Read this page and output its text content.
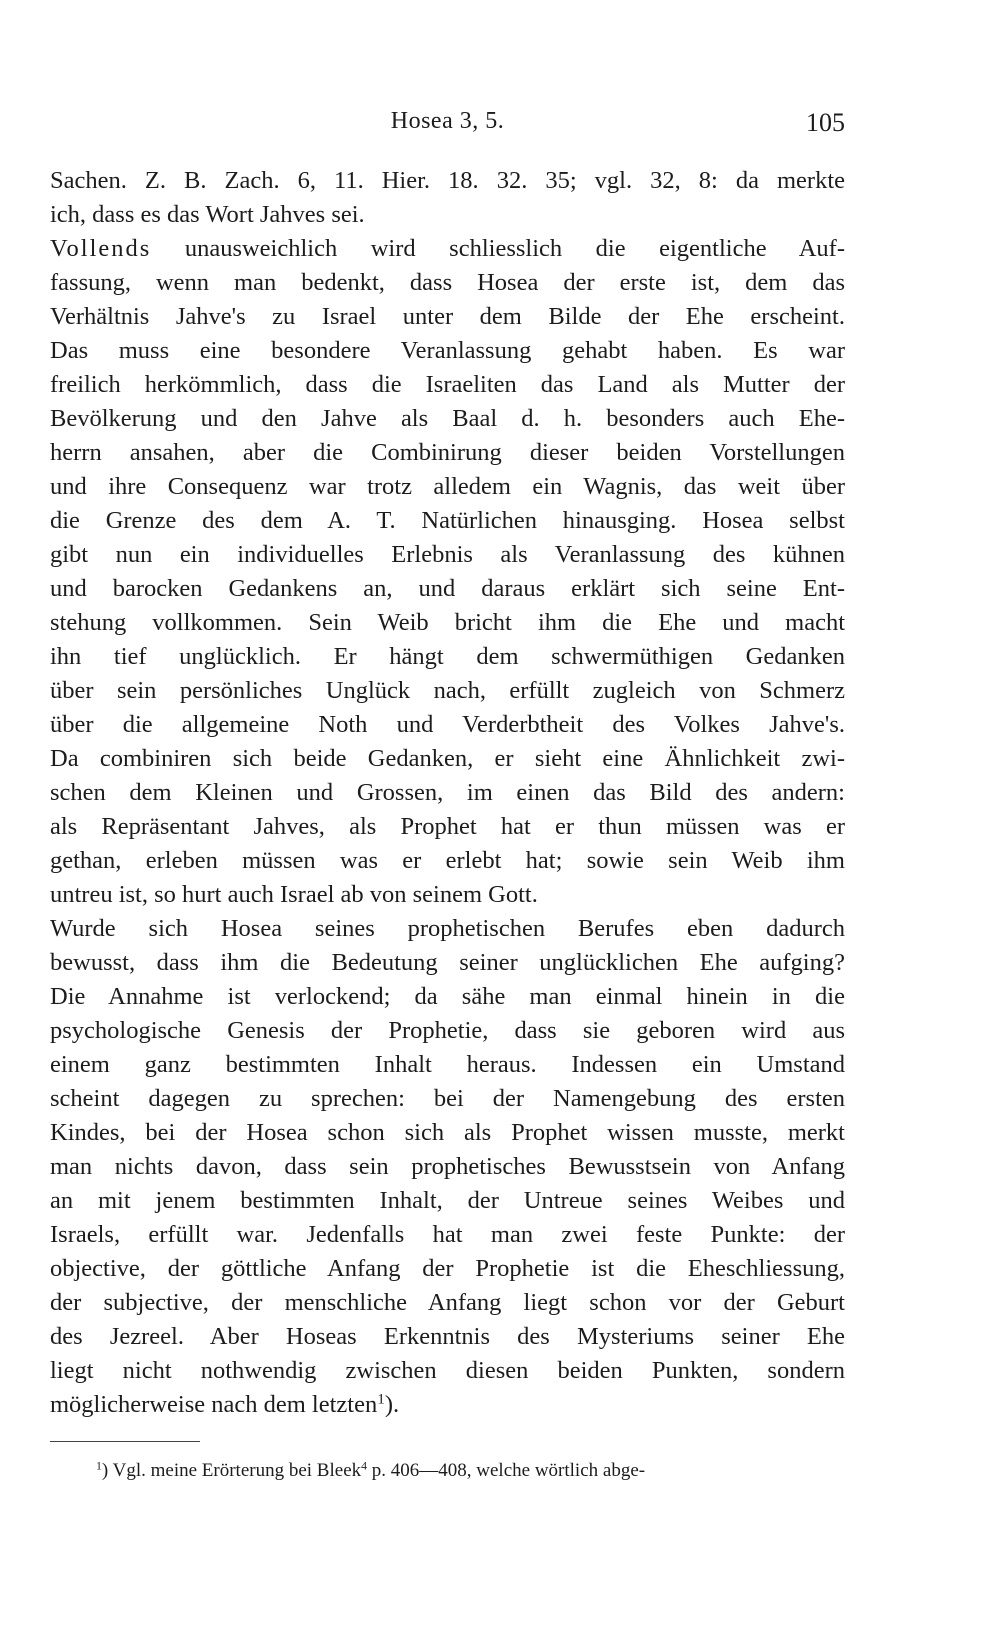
Hosea 3, 5.	105

Sachen. Z. B. Zach. 6, 11. Hier. 18. 32. 35; vgl. 32, 8: da merkte

ich, dass es das Wort Jahves sei.

Vollends unausweichlich wird schliesslich die eigentliche Auf-

fassung, wenn man bedenkt, dass Hosea der erste ist, dem das

Verhältnis Jahve's zu Israel unter dem Bilde der Ehe erscheint.

Das muss eine besondere Veranlassung gehabt haben. Es war

freilich herkömmlich, dass die Israeliten das Land als Mutter der

Bevölkerung und den Jahve als Baal d. h. besonders auch Ehe-

herrn ansahen, aber die Combinirung dieser beiden Vorstellungen

und ihre Consequenz war trotz alledem ein Wagnis, das weit über

die Grenze des dem A. T. Natürlichen hinausging. Hosea selbst

gibt nun ein individuelles Erlebnis als Veranlassung des kühnen

und barocken Gedankens an, und daraus erklärt sich seine Ent-

stehung vollkommen. Sein Weib bricht ihm die Ehe und macht

ihn tief unglücklich. Er hängt dem schwermüthigen Gedanken

über sein persönliches Unglück nach, erfüllt zugleich von Schmerz

über die allgemeine Noth und Verderbtheit des Volkes Jahve's.

Da combiniren sich beide Gedanken, er sieht eine Ähnlichkeit zwi-

schen dem Kleinen und Grossen, im einen das Bild des andern:

als Repräsentant Jahves, als Prophet hat er thun müssen was er

gethan, erleben müssen was er erlebt hat; sowie sein Weib ihm

untreu ist, so hurt auch Israel ab von seinem Gott.

Wurde sich Hosea seines prophetischen Berufes eben dadurch

bewusst, dass ihm die Bedeutung seiner unglücklichen Ehe aufging?

Die Annahme ist verlockend; da sähe man einmal hinein in die

psychologische Genesis der Prophetie, dass sie geboren wird aus

einem ganz bestimmten Inhalt heraus. Indessen ein Umstand

scheint dagegen zu sprechen: bei der Namengebung des ersten

Kindes, bei der Hosea schon sich als Prophet wissen musste, merkt

man nichts davon, dass sein prophetisches Bewusstsein von Anfang

an mit jenem bestimmten Inhalt, der Untreue seines Weibes und

Israels, erfüllt war. Jedenfalls hat man zwei feste Punkte: der

objective, der göttliche Anfang der Prophetie ist die Eheschliessung,

der subjective, der menschliche Anfang liegt schon vor der Geburt

des Jezreel. Aber Hoseas Erkenntnis des Mysteriums seiner Ehe

liegt nicht nothwendig zwischen diesen beiden Punkten, sondern

möglicherweise nach dem letzten$^1$).

$^1$) Vgl. meine Erörterung bei Bleek$^4$ p. 406—408, welche wörtlich abge-
